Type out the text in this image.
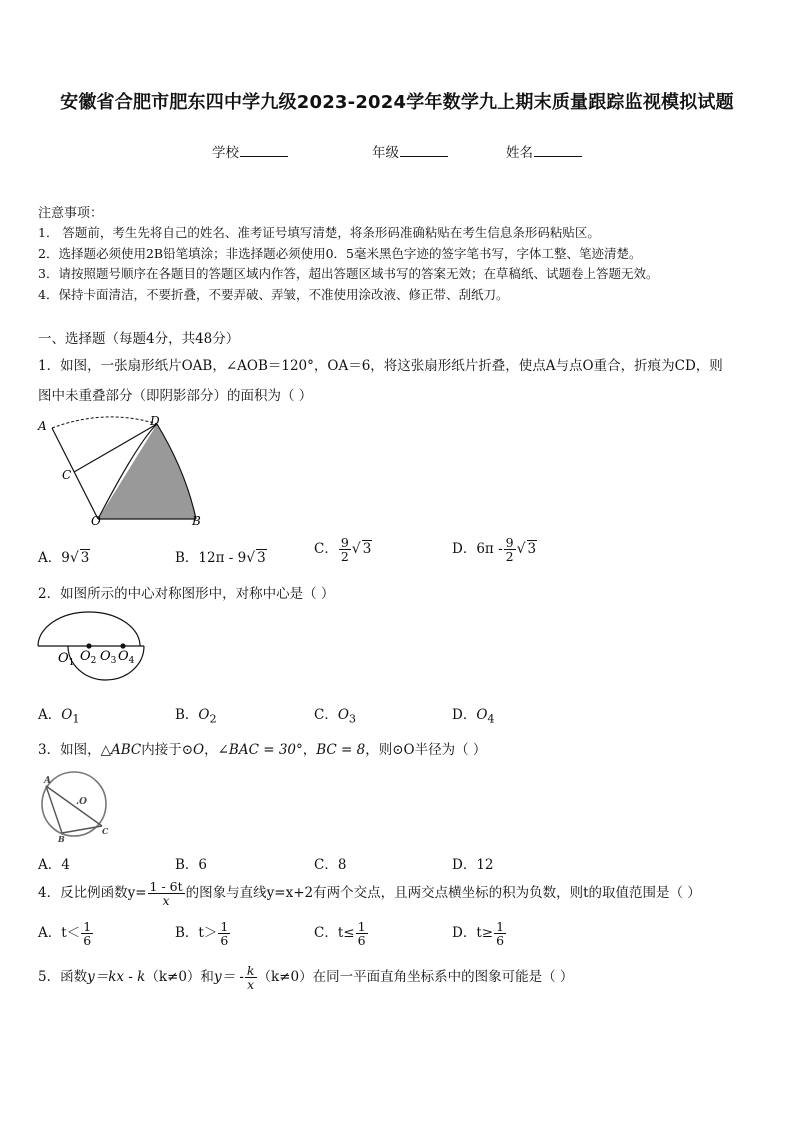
安徽省合肥市肥东四中学九级2023-2024学年数学九上期末质量跟踪监视模拟试题
学校	年级	姓名
注意事项：
1． 答题前，考生先将自己的姓名、准考证号填写清楚，将条形码准确粘贴在考生信息条形码粘贴区。
2．选择题必须使用2B铅笔填涂；非选择题必须使用0．5毫米黑色字迹的签字笔书写，字体工整、笔迹清楚。
3．请按照题号顺序在各题目的答题区域内作答，超出答题区域书写的答案无效；在草稿纸、试题卷上答题无效。
4．保持卡面清洁，不要折叠，不要弄破、弄皱，不准使用涂改液、修正带、刮纸刀。
一、选择题（每题4分，共48分）
1．如图，一张扇形纸片OAB，∠AOB＝120°，OA＝6，将这张扇形纸片折叠，使点A与点O重合，折痕为CD，则
图中未重叠部分（即阴影部分）的面积为（ ）
A	D
C
O	B
A．9√ 3	B．12π - 9√ 3
C． $\frac{9}{2}$ √ 3	D．$6\pi - \frac{9}{2}$ √ 3
2．如图所示的中心对称图形中，对称中心是（ ）
$O_1$ $O_2$ $O_3$ $O_4$
A．$O_1$	B．$O_2$	C．$O_3$	D．$O_4$
3．如图，△ABC内接于⊙O，∠BAC = 30°，BC = 8，则⊙O半径为（ ）
A
.O
B
C
A．4	B．6	C．8	D．12
4．反比例函数$y= \frac{1 - 6t}{x}$ 的图象与直线y=x+2有两个交点，且两交点横坐标的积为负数，则t的取值范围是（ ）
A．$t< \frac{1}{6}$	B．$t> \frac{1}{6}$	C．$t\le \frac{1}{6}$	D．$t\ge \frac{1}{6}$
5．函数y＝kx - k（k≠0）和$y= - \frac{k}{x} (k\ne 0)$在同一平面直角坐标系中的图象可能是（ ）
